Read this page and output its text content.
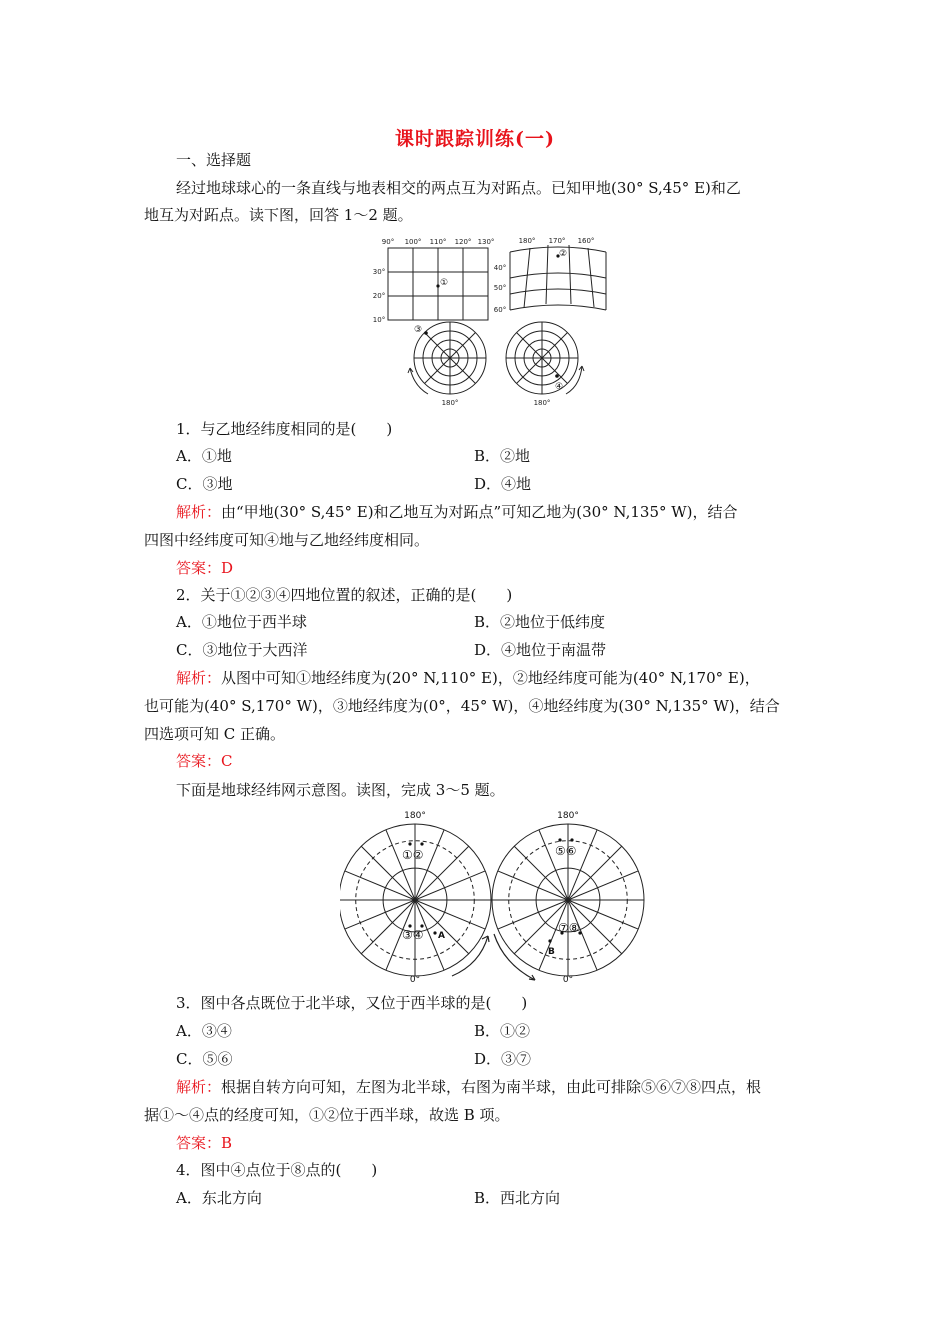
课时跟踪训练(一)
一、选择题
经过地球球心的一条直线与地表相交的两点互为对跖点。已知甲地(30° S,45° E)和乙
地互为对跖点。读下图，回答 1～2 题。
90° 100° 110° 120° 130°
30°
20°
10°
①
180° 170° 160°
40°
50°
60°
②
③
180°
④
180°
1．与乙地经纬度相同的是(　　)
A．①地	B．②地
C．③地	D．④地
解析：由“甲地(30° S,45° E)和乙地互为对跖点”可知乙地为(30° N,135° W)，结合
四图中经纬度可知④地与乙地经纬度相同。
答案：D
2．关于①②③④四地位置的叙述，正确的是(　　)
A．①地位于西半球	B．②地位于低纬度
C．③地位于大西洋	D．④地位于南温带
解析：从图中可知①地经纬度为(20° N,110° E)，②地经纬度可能为(40° N,170° E)，
也可能为(40° S,170° W)，③地经纬度为(0°，45° W)，④地经纬度为(30° N,135° W)，结合
四选项可知 C 正确。
答案：C
下面是地球经纬网示意图。读图，完成 3～5 题。
180°
0°
180°
0°
①②
③④ A
⑤⑥
⑦⑧
B
3．图中各点既位于北半球，又位于西半球的是(　　)
A．③④	B．①②
C．⑤⑥	D．③⑦
解析：根据自转方向可知，左图为北半球，右图为南半球，由此可排除⑤⑥⑦⑧四点，根
据①～④点的经度可知，①②位于西半球，故选 B 项。
答案：B
4．图中④点位于⑧点的(　　)
A．东北方向	B．西北方向
